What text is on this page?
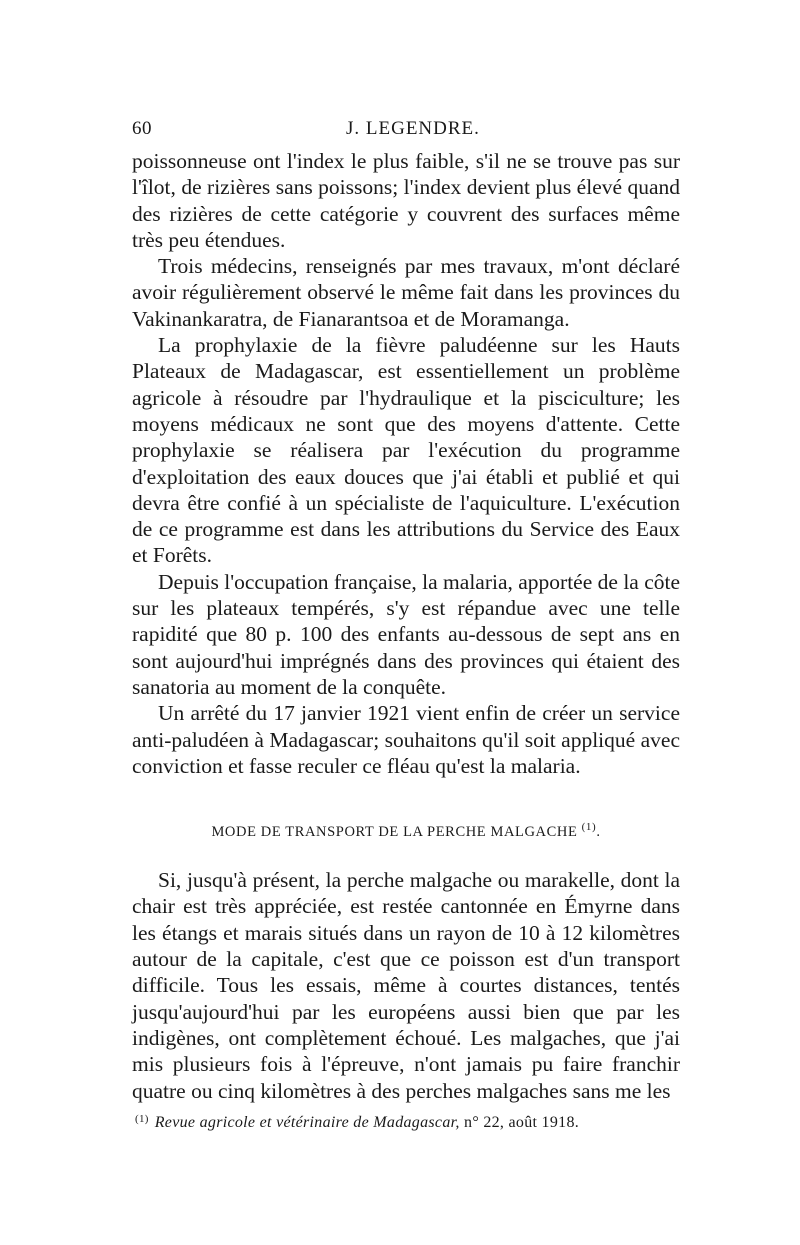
60	J. LEGENDRE.

poissonneuse ont l'index le plus faible, s'il ne se trouve pas sur l'îlot, de rizières sans poissons; l'index devient plus élevé quand des rizières de cette catégorie y couvrent des surfaces même très peu étendues.

Trois médecins, renseignés par mes travaux, m'ont déclaré avoir régulièrement observé le même fait dans les provinces du Vakinankaratra, de Fianarantsoa et de Moramanga.

La prophylaxie de la fièvre paludéenne sur les Hauts Plateaux de Madagascar, est essentiellement un problème agricole à résoudre par l'hydraulique et la pisciculture; les moyens médicaux ne sont que des moyens d'attente. Cette prophylaxie se réalisera par l'exécution du programme d'exploitation des eaux douces que j'ai établi et publié et qui devra être confié à un spécialiste de l'aquiculture. L'exécution de ce programme est dans les attributions du Service des Eaux et Forêts.

Depuis l'occupation française, la malaria, apportée de la côte sur les plateaux tempérés, s'y est répandue avec une telle rapidité que 80 p. 100 des enfants au-dessous de sept ans en sont aujourd'hui imprégnés dans des provinces qui étaient des sanatoria au moment de la conquête.

Un arrêté du 17 janvier 1921 vient enfin de créer un service anti-paludéen à Madagascar; souhaitons qu'il soit appliqué avec conviction et fasse reculer ce fléau qu'est la malaria.

MODE DE TRANSPORT DE LA PERCHE MALGACHE $^{(1)}$.

Si, jusqu'à présent, la perche malgache ou marakelle, dont la chair est très appréciée, est restée cantonnée en Émyrne dans les étangs et marais situés dans un rayon de 10 à 12 kilomètres autour de la capitale, c'est que ce poisson est d'un transport difficile. Tous les essais, même à courtes distances, tentés jusqu'aujourd'hui par les européens aussi bien que par les indigènes, ont complètement échoué. Les malgaches, que j'ai mis plusieurs fois à l'épreuve, n'ont jamais pu faire franchir quatre ou cinq kilomètres à des perches malgaches sans me les

$^{(1)}$ Revue agricole et vétérinaire de Madagascar, n° 22, août 1918.
